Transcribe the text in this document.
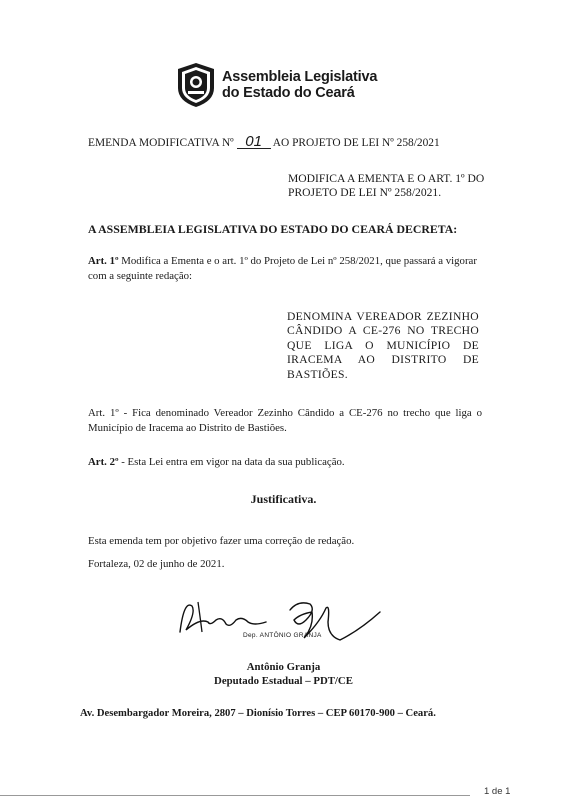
Assembleia Legislativa
do Estado do Ceará
EMENDA MODIFICATIVA Nº 01 AO PROJETO DE LEI Nº 258/2021
MODIFICA A EMENTA E O ART. 1º DO PROJETO DE LEI Nº 258/2021.
A ASSEMBLEIA LEGISLATIVA DO ESTADO DO CEARÁ DECRETA:
Art. 1º Modifica a Ementa e o art. 1º do Projeto de Lei nº 258/2021, que passará a vigorar com a seguinte redação:
DENOMINA VEREADOR ZEZINHO CÂNDIDO A CE-276 NO TRECHO QUE LIGA O MUNICÍPIO DE IRACEMA AO DISTRITO DE BASTIÕES.
Art. 1º - Fica denominado Vereador Zezinho Cândido a CE-276 no trecho que liga o Município de Iracema ao Distrito de Bastiões.
Art. 2º - Esta Lei entra em vigor na data da sua publicação.
Justificativa.
Esta emenda tem por objetivo fazer uma correção de redação.
Fortaleza, 02 de junho de 2021.
Dep. ANTÔNIO GRANJA
Antônio Granja
Deputado Estadual – PDT/CE
Av. Desembargador Moreira, 2807 – Dionísio Torres – CEP 60170-900 – Ceará.
1 de 1
